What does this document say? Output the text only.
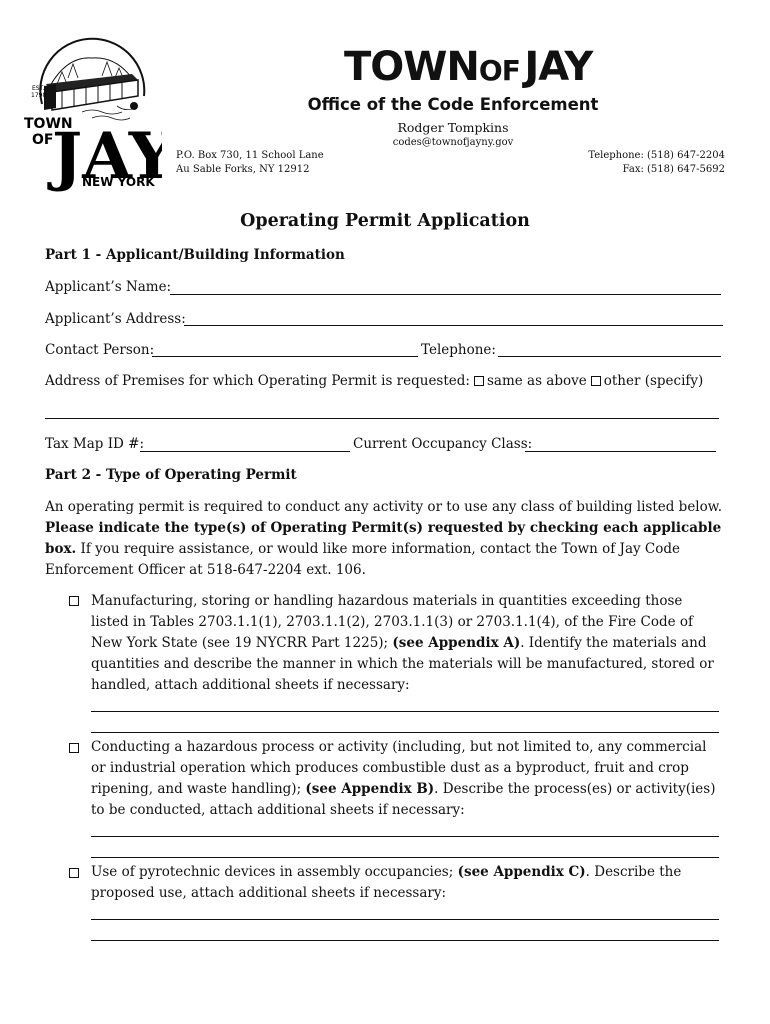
EST.
1798
TOWN
OF
JAY
NEW YORK
TOWNOF JAY
Office of the Code Enforcement
Rodger Tompkins
codes@townofjayny.gov
P.O. Box 730, 11 School Lane
Au Sable Forks, NY 12912
Telephone: (518) 647-2204
Fax: (518) 647-5692
Operating Permit Application
Part 1 - Applicant/Building Information
Applicant’s Name:
Applicant’s Address:
Contact Person:	Telephone:
Address of Premises for which Operating Permit is requested: same as above other (specify)
Tax Map ID #:	Current Occupancy Class:
Part 2 - Type of Operating Permit
An operating permit is required to conduct any activity or to use any class of building listed below. Please indicate the type(s) of Operating Permit(s) requested by checking each applicable box. If you require assistance, or would like more information, contact the Town of Jay Code Enforcement Officer at 518-647-2204 ext. 106.
Manufacturing, storing or handling hazardous materials in quantities exceeding those listed in Tables 2703.1.1(1), 2703.1.1(2), 2703.1.1(3) or 2703.1.1(4), of the Fire Code of New York State (see 19 NYCRR Part 1225); (see Appendix A). Identify the materials and quantities and describe the manner in which the materials will be manufactured, stored or handled, attach additional sheets if necessary:
Conducting a hazardous process or activity (including, but not limited to, any commercial or industrial operation which produces combustible dust as a byproduct, fruit and crop ripening, and waste handling); (see Appendix B). Describe the process(es) or activity(ies) to be conducted, attach additional sheets if necessary:
Use of pyrotechnic devices in assembly occupancies; (see Appendix C). Describe the proposed use, attach additional sheets if necessary:
